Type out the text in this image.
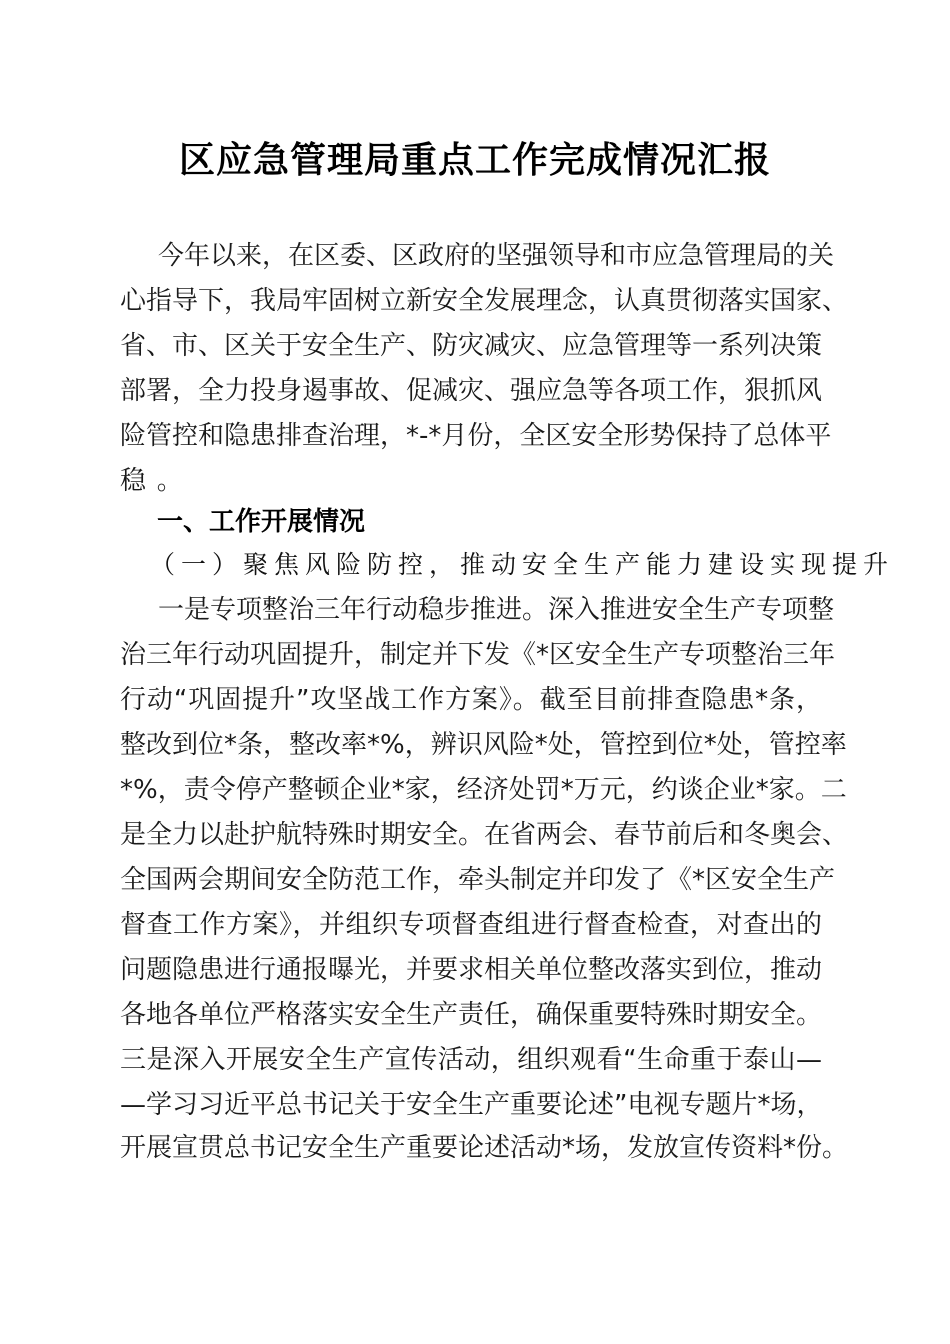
区应急管理局重点工作完成情况汇报
今年以来，在区委、区政府的坚强领导和市应急管理局的关
心指导下，我局牢固树立新安全发展理念，认真贯彻落实国家、
省、市、区关于安全生产、防灾减灾、应急管理等一系列决策
部署，全力投身遏事故、促减灾、强应急等各项工作，狠抓风
险管控和隐患排查治理，*-*月份，全区安全形势保持了总体平
稳。
一、工作开展情况
（一）聚焦风险防控，推动安全生产能力建设实现提升
一是专项整治三年行动稳步推进。深入推进安全生产专项整
治三年行动巩固提升，制定并下发《*区安全生产专项整治三年
行动“巩固提升”攻坚战工作方案》。截至目前排查隐患*条，
整改到位*条，整改率*%，辨识风险*处，管控到位*处，管控率
*%，责令停产整顿企业*家，经济处罚*万元，约谈企业*家。二
是全力以赴护航特殊时期安全。在省两会、春节前后和冬奥会、
全国两会期间安全防范工作，牵头制定并印发了《*区安全生产
督查工作方案》，并组织专项督查组进行督查检查，对查出的
问题隐患进行通报曝光，并要求相关单位整改落实到位，推动
各地各单位严格落实安全生产责任，确保重要特殊时期安全。
三是深入开展安全生产宣传活动，组织观看“生命重于泰山—
—学习习近平总书记关于安全生产重要论述”电视专题片*场，
开展宣贯总书记安全生产重要论述活动*场，发放宣传资料*份。
